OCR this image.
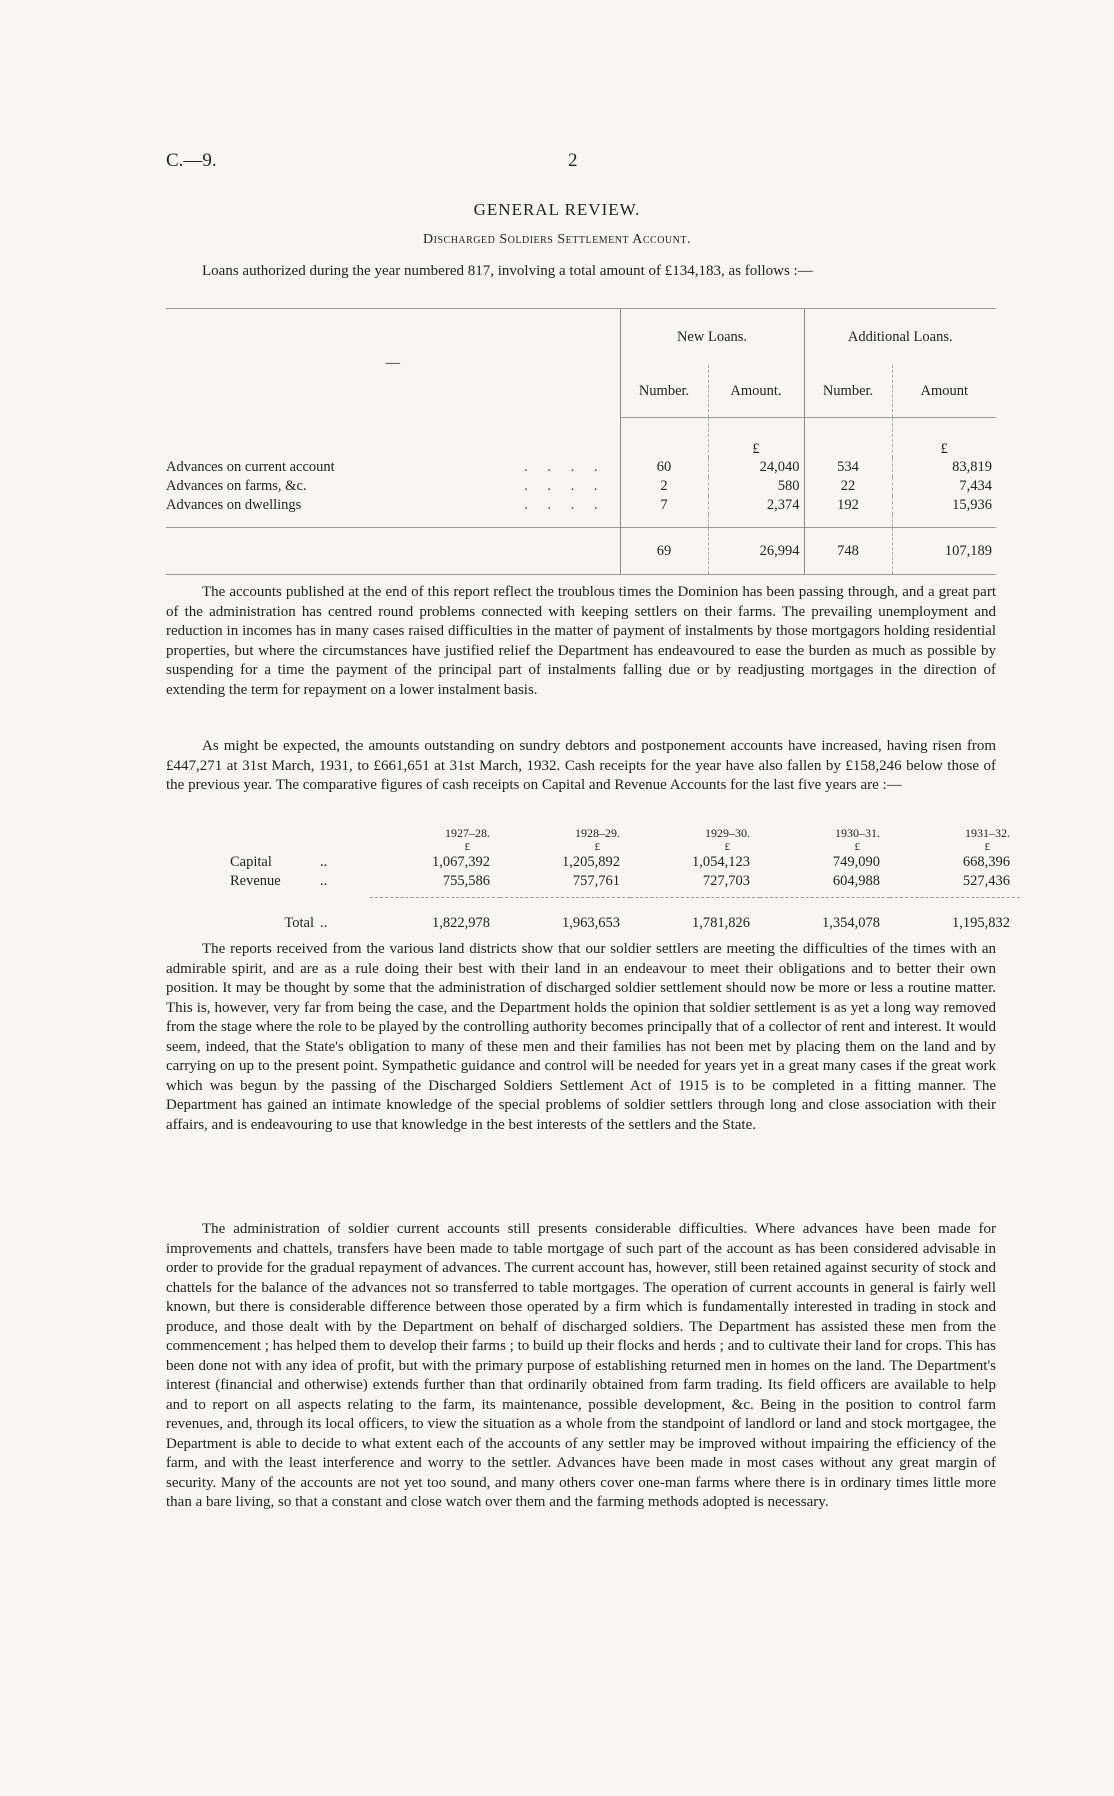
C.—9.	2
GENERAL REVIEW.
Discharged Soldiers Settlement Account.

Loans authorized during the year numbered 817, involving a total amount of £134,183, as follows :—

—	New Loans.		Additional Loans.	
	Number.	Amount.	Number.	Amount
		£		£
Advances on current account . . . .	60	24,040	534	83,819
Advances on farms, &c. . . . .	2	580	22	7,434
Advances on dwellings . . . .	7	2,374	192	15,936

	69	26,994	748	107,189

The accounts published at the end of this report reflect the troublous times the Dominion has been passing through, and a great part of the administration has centred round problems connected with keeping settlers on their farms. The prevailing unemployment and reduction in incomes has in many cases raised difficulties in the matter of payment of instalments by those mortgagors holding residential properties, but where the circumstances have justified relief the Department has endeavoured to ease the burden as much as possible by suspending for a time the payment of the principal part of instalments falling due or by readjusting mortgages in the direction of extending the term for repayment on a lower instalment basis.

As might be expected, the amounts outstanding on sundry debtors and postponement accounts have increased, having risen from £447,271 at 31st March, 1931, to £661,651 at 31st March, 1932. Cash receipts for the year have also fallen by £158,246 below those of the previous year. The comparative figures of cash receipts on Capital and Revenue Accounts for the last five years are :—

		1927–28.	1928–29.	1929–30.	1930–31.	1931–32.
		£	£	£	£	£
Capital	..	1,067,392	1,205,892	1,054,123	749,090	668,396
Revenue	..	755,586	757,761	727,703	604,988	527,436

Total	..	1,822,978	1,963,653	1,781,826	1,354,078	1,195,832

The reports received from the various land districts show that our soldier settlers are meeting the difficulties of the times with an admirable spirit, and are as a rule doing their best with their land in an endeavour to meet their obligations and to better their own position. It may be thought by some that the administration of discharged soldier settlement should now be more or less a routine matter. This is, however, very far from being the case, and the Department holds the opinion that soldier settlement is as yet a long way removed from the stage where the role to be played by the controlling authority becomes principally that of a collector of rent and interest. It would seem, indeed, that the State's obligation to many of these men and their families has not been met by placing them on the land and by carrying on up to the present point. Sympathetic guidance and control will be needed for years yet in a great many cases if the great work which was begun by the passing of the Discharged Soldiers Settlement Act of 1915 is to be completed in a fitting manner. The Department has gained an intimate knowledge of the special problems of soldier settlers through long and close association with their affairs, and is endeavouring to use that knowledge in the best interests of the settlers and the State.

The administration of soldier current accounts still presents considerable difficulties. Where advances have been made for improvements and chattels, transfers have been made to table mortgage of such part of the account as has been considered advisable in order to provide for the gradual repayment of advances. The current account has, however, still been retained against security of stock and chattels for the balance of the advances not so transferred to table mortgages. The operation of current accounts in general is fairly well known, but there is considerable difference between those operated by a firm which is fundamentally interested in trading in stock and produce, and those dealt with by the Department on behalf of discharged soldiers. The Department has assisted these men from the commencement ; has helped them to develop their farms ; to build up their flocks and herds ; and to cultivate their land for crops. This has been done not with any idea of profit, but with the primary purpose of establishing returned men in homes on the land. The Department's interest (financial and otherwise) extends further than that ordinarily obtained from farm trading. Its field officers are available to help and to report on all aspects relating to the farm, its maintenance, possible development, &c. Being in the position to control farm revenues, and, through its local officers, to view the situation as a whole from the standpoint of landlord or land and stock mortgagee, the Department is able to decide to what extent each of the accounts of any settler may be improved without impairing the efficiency of the farm, and with the least interference and worry to the settler. Advances have been made in most cases without any great margin of security. Many of the accounts are not yet too sound, and many others cover one-man farms where there is in ordinary times little more than a bare living, so that a constant and close watch over them and the farming methods adopted is necessary.
